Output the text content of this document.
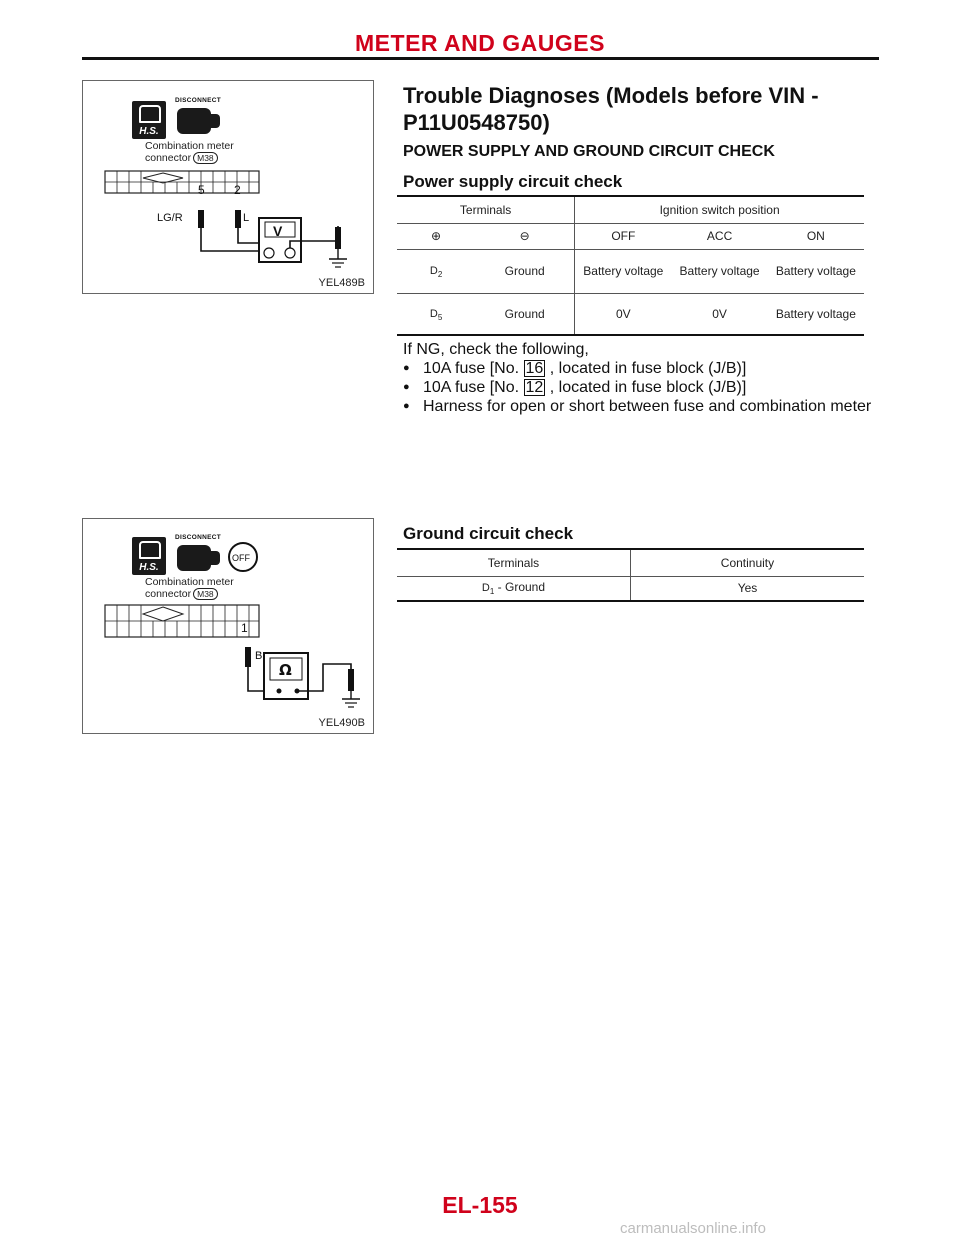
METER AND GAUGES
H.S.
DISCONNECT
Combination meter
connector M38
5 2
LG/R	L
V
YEL489B
Trouble Diagnoses (Models before VIN -
P11U0548750)
POWER SUPPLY AND GROUND CIRCUIT CHECK
Power supply circuit check
Terminals		Ignition switch position		
⊕	⊖	OFF	ACC	ON
$D_2$	Ground	Battery voltage	Battery voltage	Battery voltage
$D_5$	Ground	0V	0V	Battery voltage
If NG, check the following,
● 10A fuse [No. 16 , located in fuse block (J/B)]
● 10A fuse [No. 12 , located in fuse block (J/B)]
● Harness for open or short between fuse and combination meter
H.S.
DISCONNECT
OFF
1
B
Ω
Combination meter
connector M38
YEL490B
Ground circuit check
Terminals	Continuity
$D_1$ - Ground	Yes
EL-155
carmanualsonline.info
